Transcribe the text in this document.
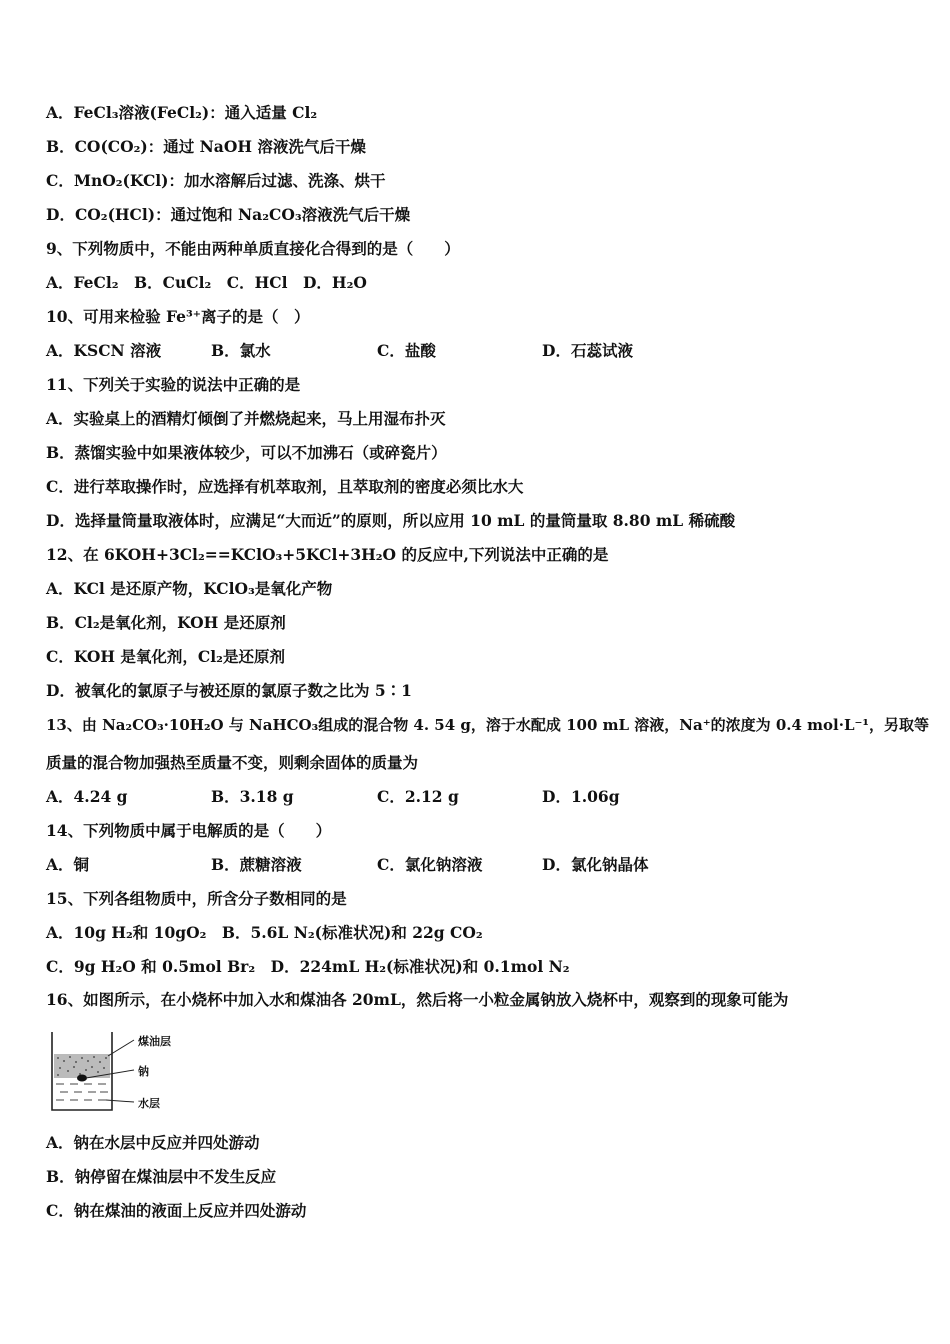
A．FeCl₃溶液(FeCl₂)：通入适量 Cl₂
B．CO(CO₂)：通过 NaOH 溶液洗气后干燥
C．MnO₂(KCl)：加水溶解后过滤、洗涤、烘干
D．CO₂(HCl)：通过饱和 Na₂CO₃溶液洗气后干燥
9、下列物质中，不能由两种单质直接化合得到的是（　　）
A．FeCl₂　B．CuCl₂　C．HCl　D．H₂O
10、可用来检验 Fe³⁺离子的是（　）
A．KSCN 溶液	B．氯水	C．盐酸	D．石蕊试液
11、下列关于实验的说法中正确的是
A．实验桌上的酒精灯倾倒了并燃烧起来，马上用湿布扑灭
B．蒸馏实验中如果液体较少，可以不加沸石（或碎瓷片）
C．进行萃取操作时，应选择有机萃取剂，且萃取剂的密度必须比水大
D．选择量筒量取液体时，应满足“大而近”的原则，所以应用 10 mL 的量筒量取 8.80 mL 稀硫酸
12、在 6KOH+3Cl₂==KClO₃+5KCl+3H₂O 的反应中,下列说法中正确的是
A．KCl 是还原产物，KClO₃是氧化产物
B．Cl₂是氧化剂，KOH 是还原剂
C．KOH 是氧化剂，Cl₂是还原剂
D．被氧化的氯原子与被还原的氯原子数之比为 5∶1
13、由 Na₂CO₃·10H₂O 与 NaHCO₃组成的混合物 4. 54 g，溶于水配成 100 mL 溶液，Na⁺的浓度为 0.4 mol·L⁻¹，另取等
质量的混合物加强热至质量不变，则剩余固体的质量为
A．4.24 g	B．3.18 g	C．2.12 g	D．1.06g
14、下列物质中属于电解质的是（　　）
A．铜	B．蔗糖溶液	C．氯化钠溶液	D．氯化钠晶体
15、下列各组物质中，所含分子数相同的是
A．10g H₂和 10gO₂　B．5.6L N₂(标准状况)和 22g CO₂
C．9g H₂O 和 0.5mol Br₂　D．224mL H₂(标准状况)和 0.1mol N₂
16、如图所示，在小烧杯中加入水和煤油各 20mL，然后将一小粒金属钠放入烧杯中，观察到的现象可能为
煤油层
钠
水层
A．钠在水层中反应并四处游动
B．钠停留在煤油层中不发生反应
C．钠在煤油的液面上反应并四处游动
